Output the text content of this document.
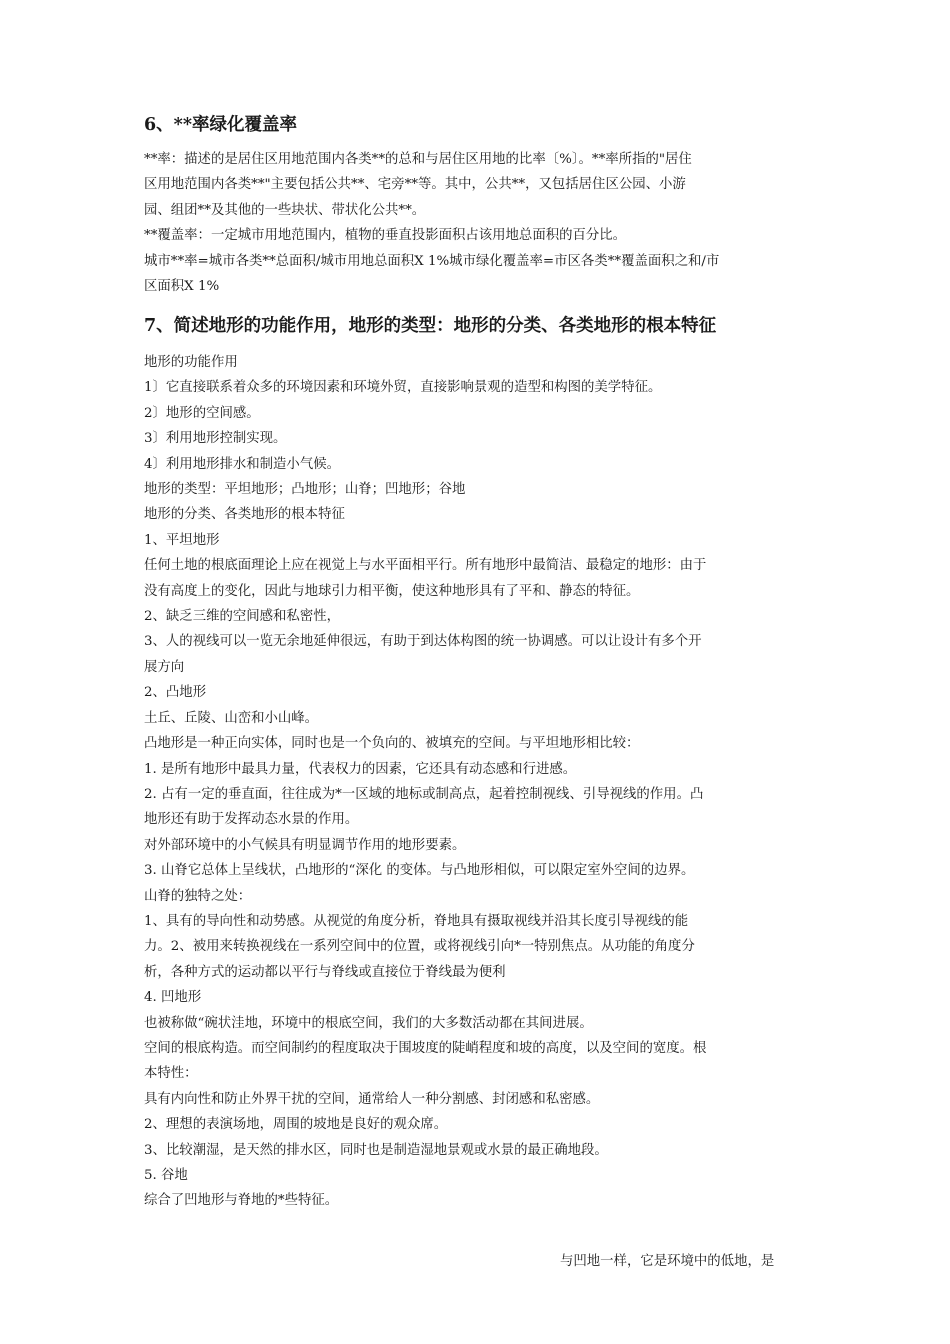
6、**率绿化覆盖率
**率：描述的是居住区用地范围内各类**的总和与居住区用地的比率〔%〕。**率所指的"居住
区用地范围内各类**"主要包括公共**、宅旁**等。其中，公共**，又包括居住区公园、小游
园、组团**及其他的一些块状、带状化公共**。
**覆盖率：一定城市用地范围内，植物的垂直投影面积占该用地总面积的百分比。
城市**率=城市各类**总面积/城市用地总面积X 1%城市绿化覆盖率=市区各类**覆盖面积之和/市
区面积X 1%
7、简述地形的功能作用，地形的类型：地形的分类、各类地形的根本特征
地形的功能作用
1〕它直接联系着众多的环境因素和环境外贸，直接影响景观的造型和构图的美学特征。
2〕地形的空间感。
3〕利用地形控制实现。
4〕利用地形排水和制造小气候。
地形的类型：平坦地形；凸地形；山脊；凹地形；谷地
地形的分类、各类地形的根本特征
1、平坦地形
任何土地的根底面理论上应在视觉上与水平面相平行。所有地形中最简洁、最稳定的地形：由于
没有高度上的变化，因此与地球引力相平衡，使这种地形具有了平和、静态的特征。
2、缺乏三维的空间感和私密性，
3、人的视线可以一览无余地延伸很远，有助于到达体构图的统一协调感。可以让设计有多个开
展方向
2、凸地形
土丘、丘陵、山峦和小山峰。
凸地形是一种正向实体，同时也是一个负向的、被填充的空间。与平坦地形相比较：
1. 是所有地形中最具力量，代表权力的因素，它还具有动态感和行进感。
2. 占有一定的垂直面，往往成为*一区域的地标或制高点，起着控制视线、引导视线的作用。凸
地形还有助于发挥动态水景的作用。
对外部环境中的小气候具有明显调节作用的地形要素。
3. 山脊它总体上呈线状，凸地形的“深化 的变体。与凸地形相似，可以限定室外空间的边界。
山脊的独特之处：
1、具有的导向性和动势感。从视觉的角度分析，脊地具有摄取视线并沿其长度引导视线的能
力。2、被用来转换视线在一系列空间中的位置，或将视线引向*一特别焦点。从功能的角度分
析，各种方式的运动都以平行与脊线或直接位于脊线最为便利
4. 凹地形
也被称做“碗状洼地，环境中的根底空间，我们的大多数活动都在其间进展。
空间的根底构造。而空间制约的程度取决于围坡度的陡峭程度和坡的高度，以及空间的宽度。根
本特性：
具有内向性和防止外界干扰的空间，通常给人一种分割感、封闭感和私密感。
2、理想的表演场地，周围的坡地是良好的观众席。
3、比较潮湿，是天然的排水区，同时也是制造湿地景观或水景的最正确地段。
5. 谷地
综合了凹地形与脊地的*些特征。
与凹地一样，它是环境中的低地，是
